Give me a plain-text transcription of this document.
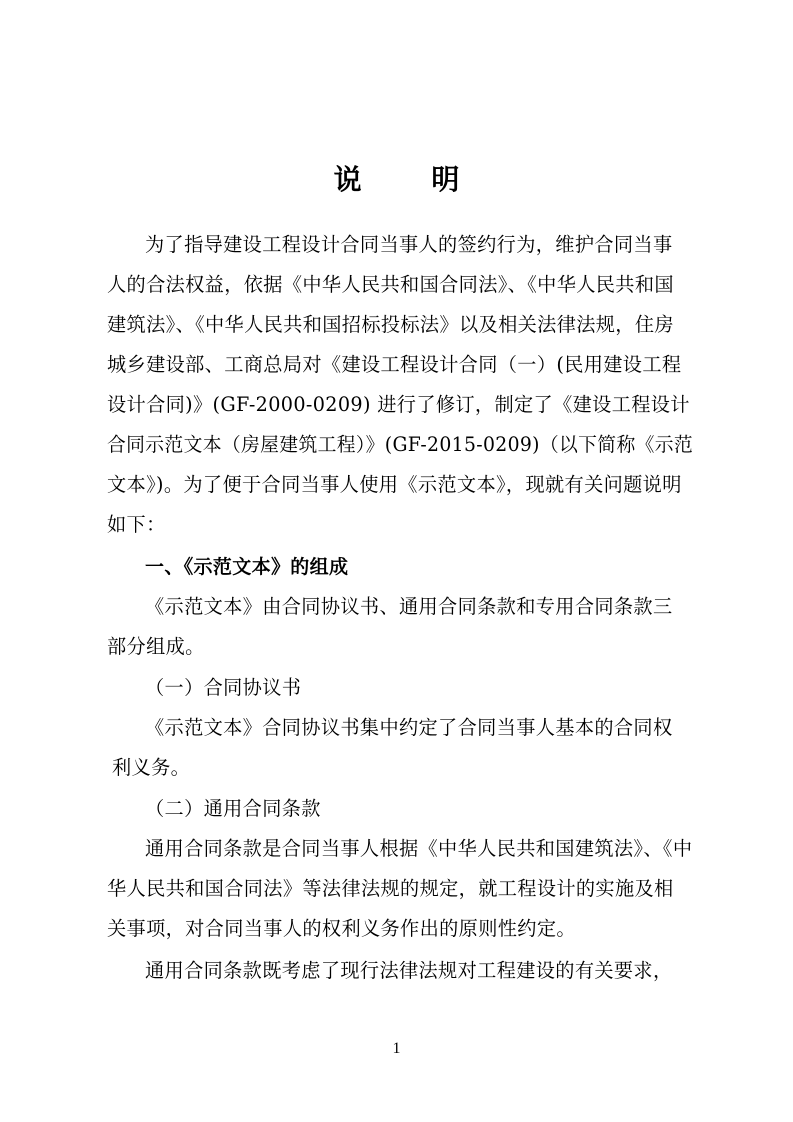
说 明
为了指导建设工程设计合同当事人的签约行为，维护合同当事
人的合法权益，依据《中华人民共和国合同法》、《中华人民共和国
建筑法》、《中华人民共和国招标投标法》以及相关法律法规，住房
城乡建设部、工商总局对《建设工程设计合同（一）(民用建设工程
设计合同)》(GF-2000-0209) 进行了修订，制定了《建设工程设计
合同示范文本（房屋建筑工程）》(GF-2015-0209)（以下简称《示范
文本》)。为了便于合同当事人使用《示范文本》，现就有关问题说明
如下：
一、《示范文本》的组成
《示范文本》由合同协议书、通用合同条款和专用合同条款三
部分组成。
（一）合同协议书
《示范文本》合同协议书集中约定了合同当事人基本的合同权
利义务。
（二）通用合同条款
通用合同条款是合同当事人根据《中华人民共和国建筑法》、《中
华人民共和国合同法》等法律法规的规定，就工程设计的实施及相
关事项，对合同当事人的权利义务作出的原则性约定。
通用合同条款既考虑了现行法律法规对工程建设的有关要求，
1
